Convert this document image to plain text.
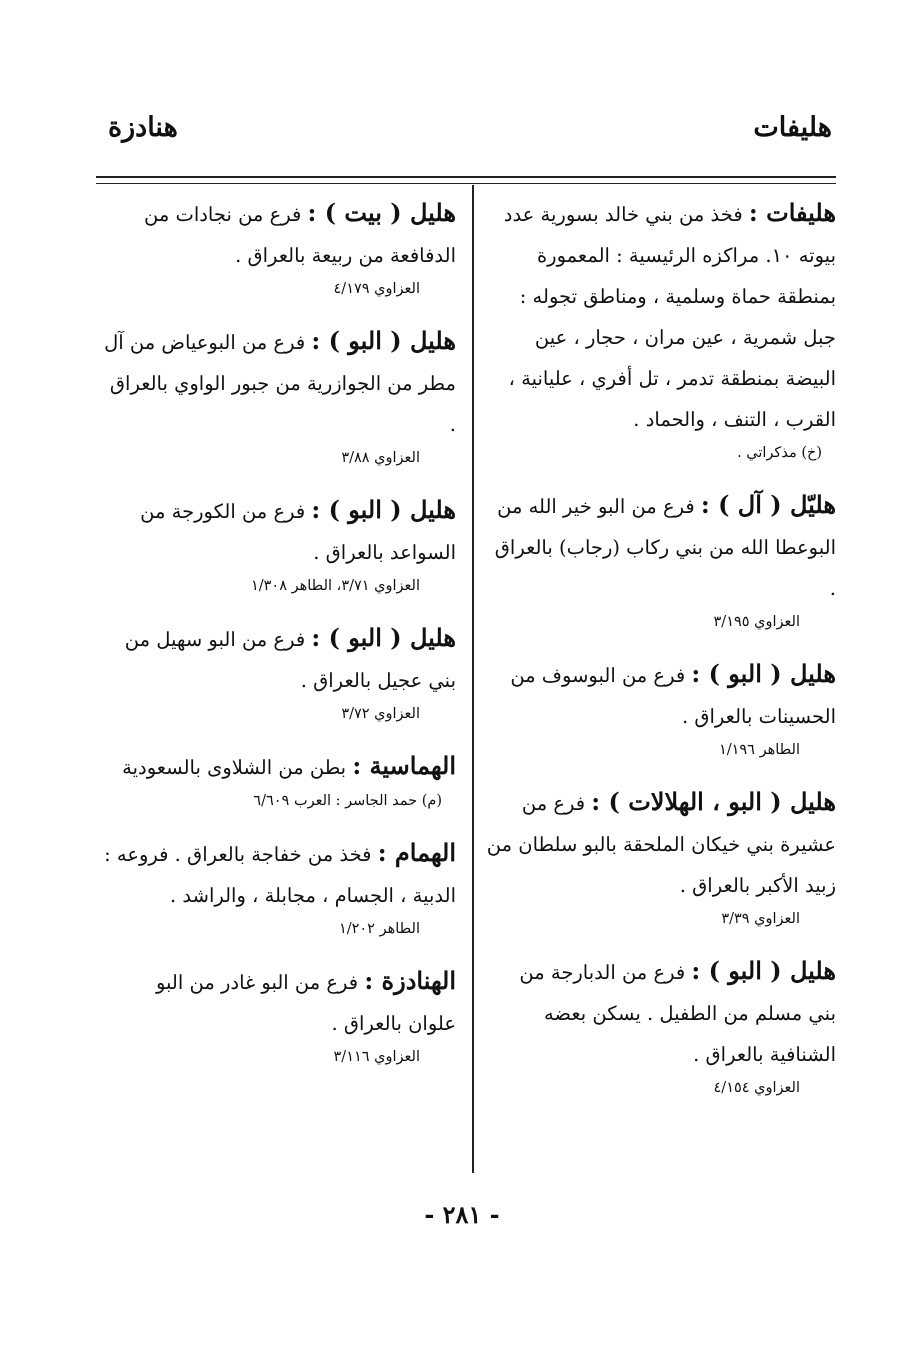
هليفات
هنادزة
هليفات : فخذ من بني خالد بسورية عدد بيوته ١٠. مراكزه الرئيسية : المعمورة بمنطقة حماة وسلمية ، ومناطق تجوله : جبل شمرية ، عين مران ، حجار ، عين البيضة بمنطقة تدمر ، تل أفري ، عليانية ، القرب ، التنف ، والحماد .
(خ) مذكراتي .
هليّل ( آل ) : فرع من البو خير الله من البوعطا الله من بني ركاب (رجاب) بالعراق .
العزاوي ٣/١٩٥
هليل ( البو ) : فرع من البوسوف من الحسينات بالعراق .
الطاهر ١/١٩٦
هليل ( البو ، الهلالات ) : فرع من عشيرة بني خيكان الملحقة بالبو سلطان من زبيد الأكبر بالعراق .
العزاوي ٣/٣٩
هليل ( البو ) : فرع من الدبارجة من بني مسلم من الطفيل . يسكن بعضه الشنافية بالعراق .
العزاوي ٤/١٥٤
هليل ( بيت ) : فرع من نجادات من الدفافعة من ربيعة بالعراق .
العزاوي ٤/١٧٩
هليل ( البو ) : فرع من البوعياض من آل مطر من الجوازرية من جبور الواوي بالعراق .
العزاوي ٣/٨٨
هليل ( البو ) : فرع من الكورجة من السواعد بالعراق .
العزاوي ٣/٧١، الطاهر ١/٣٠٨
هليل ( البو ) : فرع من البو سهيل من بني عجيل بالعراق .
العزاوي ٣/٧٢
الهماسية : بطن من الشلاوى بالسعودية
(م) حمد الجاسر : العرب ٦/٦٠٩
الهمام : فخذ من خفاجة بالعراق . فروعه : الدبية ، الجسام ، مجابلة ، والراشد .
الطاهر ١/٢٠٢
الهنادزة : فرع من البو غادر من البو علوان بالعراق .
العزاوي ٣/١١٦
- ٢٨١ -
